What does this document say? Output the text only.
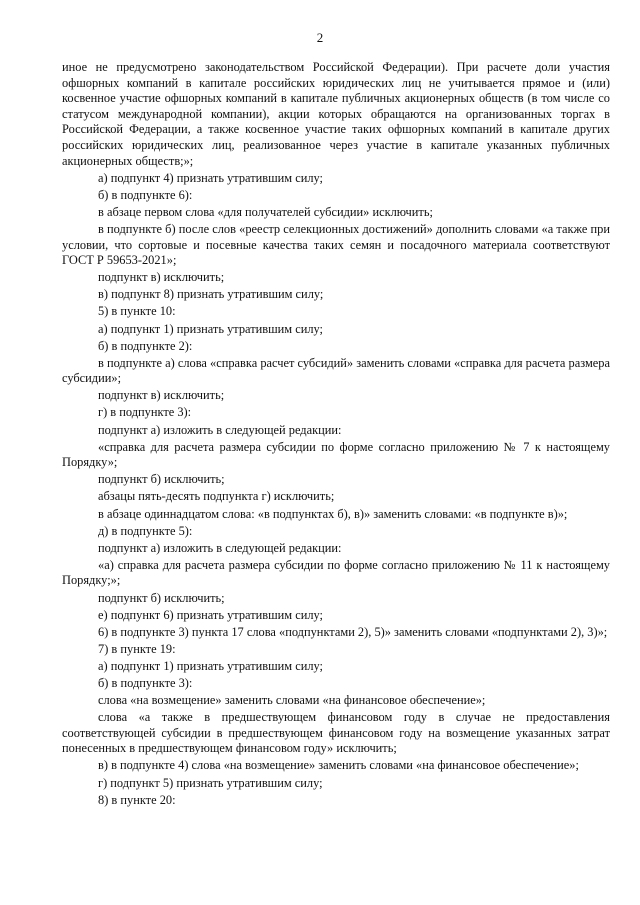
2

иное не предусмотрено законодательством Российской Федерации). При расчете доли участия офшорных компаний в капитале российских юридических лиц не учитывается прямое и (или) косвенное участие офшорных компаний в капитале публичных акционерных обществ (в том числе со статусом международной компании), акции которых обращаются на организованных торгах в Российской Федерации, а также косвенное участие таких офшорных компаний в капитале других российских юридических лиц, реализованное через участие в капитале указанных публичных акционерных обществ;»;

а) подпункт 4) признать утратившим силу;

б) в подпункте 6):

в абзаце первом слова «для получателей субсидии» исключить;

в подпункте б) после слов «реестр селекционных достижений» дополнить словами «а также при условии, что сортовые и посевные качества таких семян и посадочного материала соответствуют ГОСТ Р 59653-2021»;

подпункт в) исключить;

в) подпункт 8) признать утратившим силу;

5) в пункте 10:

а) подпункт 1) признать утратившим силу;

б) в подпункте 2):

в подпункте а) слова «справка расчет субсидий» заменить словами «справка для расчета размера субсидии»;

подпункт в) исключить;

г) в подпункте 3):

подпункт а) изложить в следующей редакции:

«справка для расчета размера субсидии по форме согласно приложению № 7 к настоящему Порядку»;

подпункт б) исключить;

абзацы пять-десять подпункта г) исключить;

в абзаце одиннадцатом слова: «в подпунктах б), в)» заменить словами: «в подпункте в)»;

д) в подпункте 5):

подпункт а) изложить в следующей редакции:

«а) справка для расчета размера субсидии по форме согласно приложению № 11 к настоящему Порядку;»;

подпункт б) исключить;

е) подпункт 6) признать утратившим силу;

6) в подпункте 3) пункта 17 слова «подпунктами 2), 5)» заменить словами «подпунктами 2), 3)»;

7) в пункте 19:

а) подпункт 1) признать утратившим силу;

б) в подпункте 3):

слова «на возмещение» заменить словами «на финансовое обеспечение»;

слова «а также в предшествующем финансовом году в случае не предоставления соответствующей субсидии в предшествующем финансовом году на возмещение указанных затрат понесенных в предшествующем финансовом году» исключить;

в) в подпункте 4) слова «на возмещение» заменить словами «на финансовое обеспечение»;

г) подпункт 5) признать утратившим силу;

8) в пункте 20:
